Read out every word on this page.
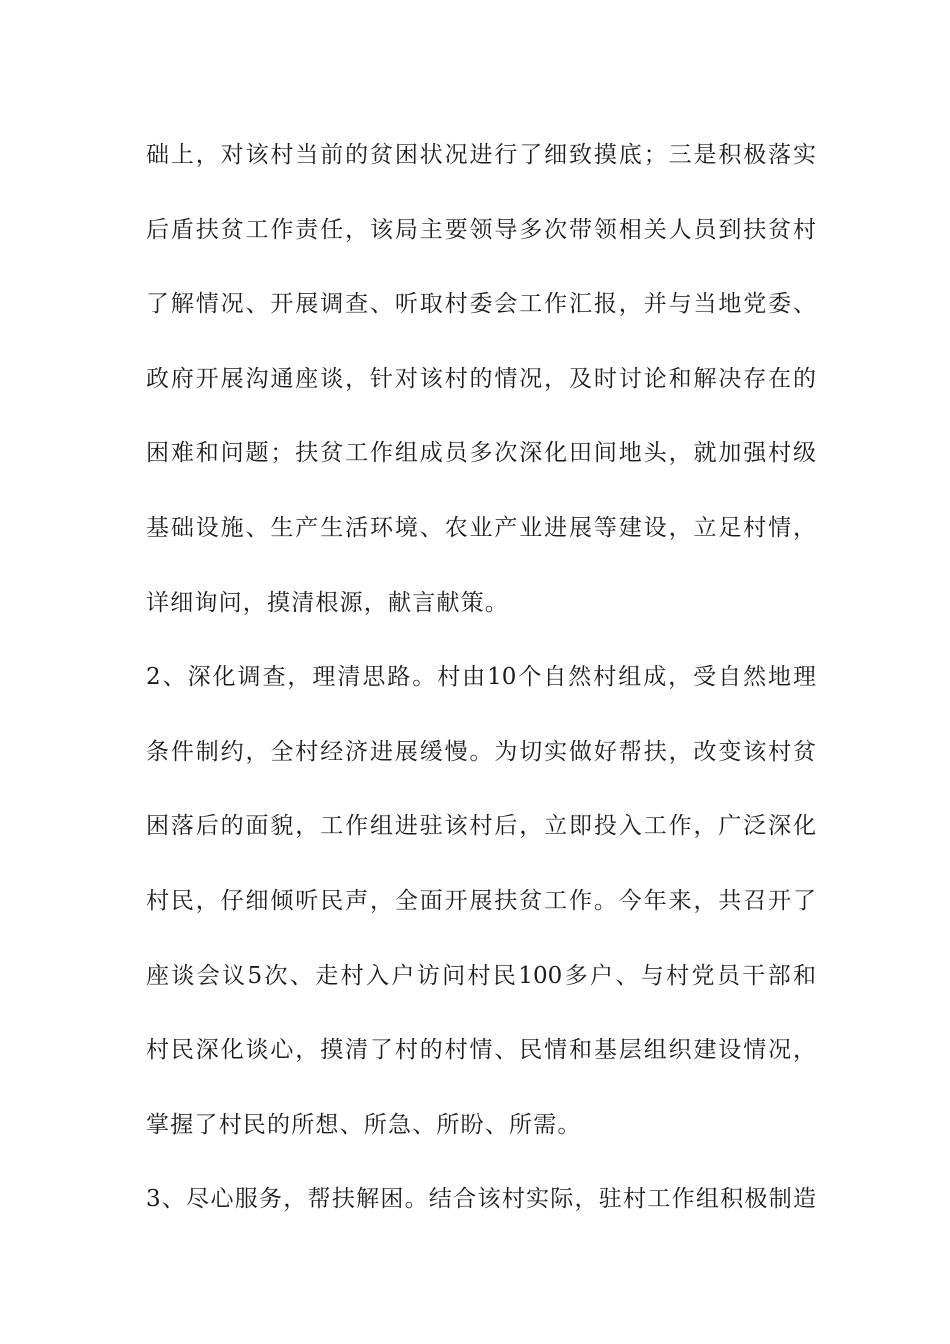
础上，对该村当前的贫困状况进行了细致摸底；三是积极落实
后盾扶贫工作责任，该局主要领导多次带领相关人员到扶贫村
了解情况、开展调查、听取村委会工作汇报，并与当地党委、
政府开展沟通座谈，针对该村的情况，及时讨论和解决存在的
困难和问题；扶贫工作组成员多次深化田间地头，就加强村级
基础设施、生产生活环境、农业产业进展等建设，立足村情，
详细询问，摸清根源，献言献策。
2、深化调查，理清思路。村由10个自然村组成，受自然地理
条件制约，全村经济进展缓慢。为切实做好帮扶，改变该村贫
困落后的面貌，工作组进驻该村后，立即投入工作，广泛深化
村民，仔细倾听民声，全面开展扶贫工作。今年来，共召开了
座谈会议5次、走村入户访问村民100多户、与村党员干部和
村民深化谈心，摸清了村的村情、民情和基层组织建设情况，
掌握了村民的所想、所急、所盼、所需。
3、尽心服务，帮扶解困。结合该村实际，驻村工作组积极制造
